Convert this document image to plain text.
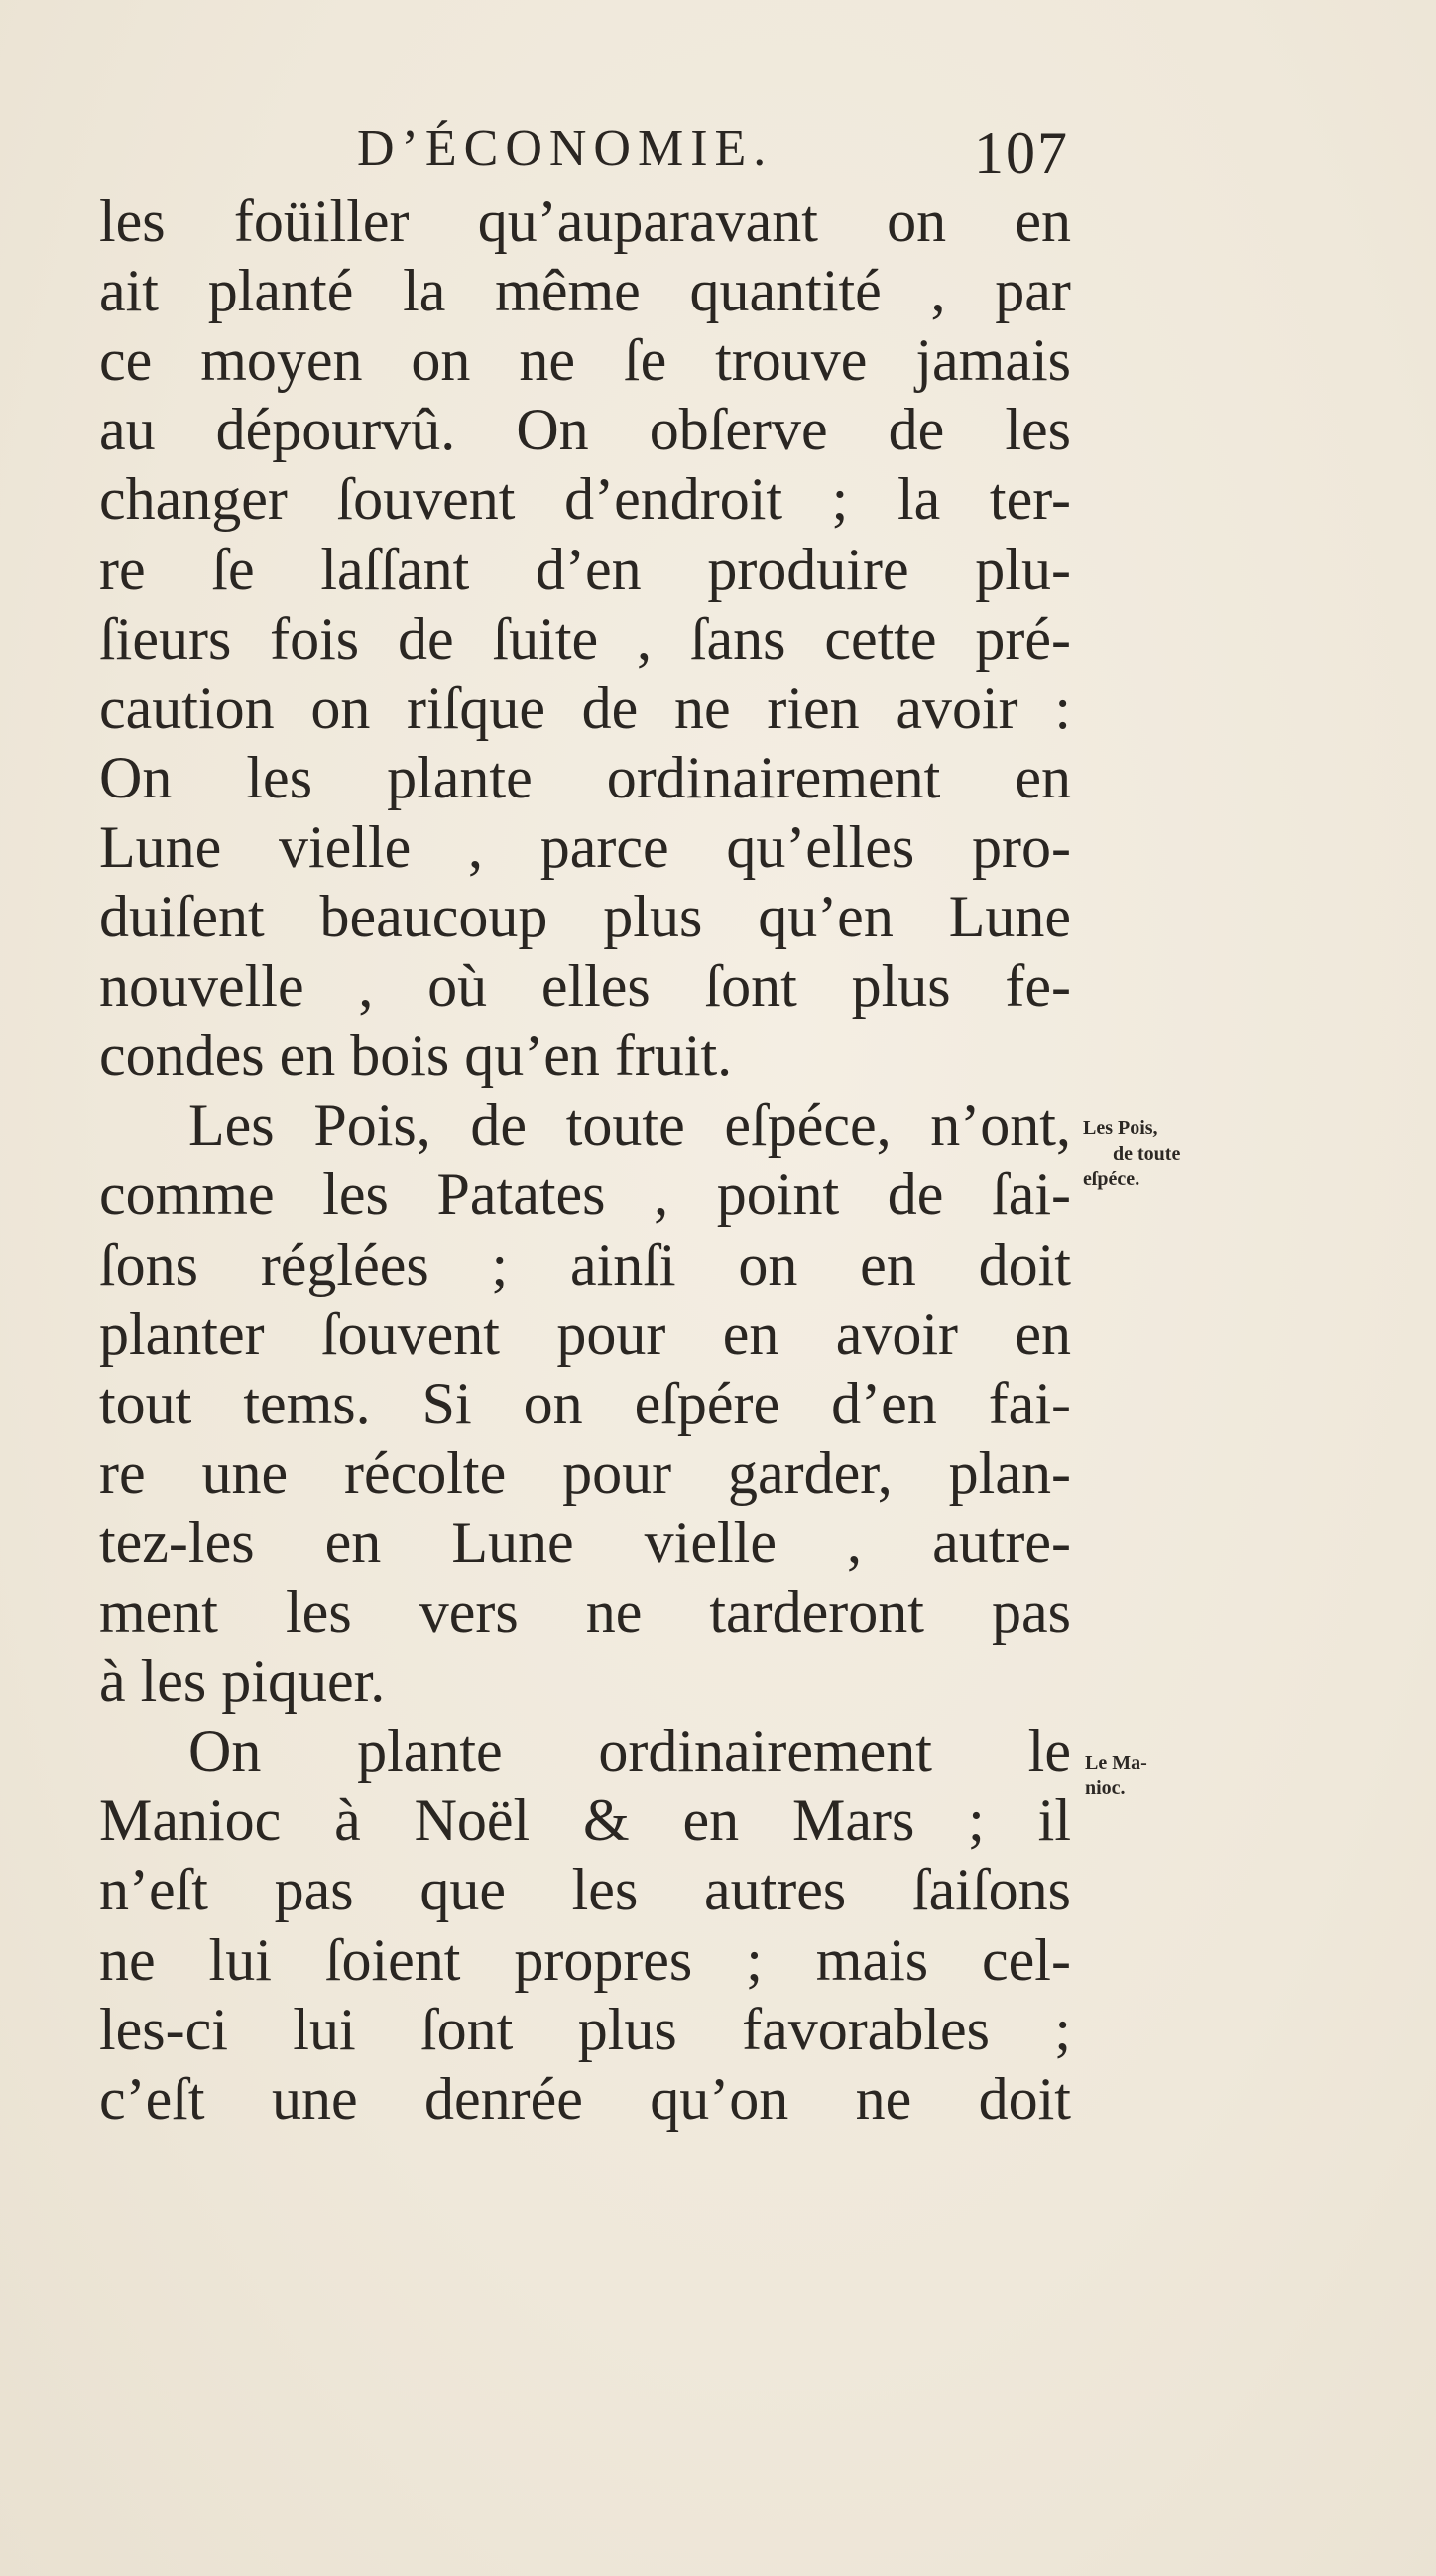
D’ÉCONOMIE.	107
les foüiller qu’auparavant on en
ait planté la même quantité , par
ce moyen on ne ſe trouve jamais
au dépourvû. On obſerve de les
changer ſouvent d’endroit ; la ter-
re ſe laſſant d’en produire plu-
ſieurs fois de ſuite , ſans cette pré-
caution on riſque de ne rien avoir :
On les plante ordinairement en
Lune vielle , parce qu’elles pro-
duiſent beaucoup plus qu’en Lune
nouvelle , où elles ſont plus fe-
condes en bois qu’en fruit.
Les Pois, de toute eſpéce, n’ont,
comme les Patates , point de ſai-
ſons réglées ; ainſi on en doit
planter ſouvent pour en avoir en
tout tems. Si on eſpére d’en fai-
re une récolte pour garder, plan-
tez-les en Lune vielle , autre-
ment les vers ne tarderont pas
à les piquer.
On plante ordinairement le
Manioc à Noël & en Mars ; il
n’eſt pas que les autres ſaiſons
ne lui ſoient propres ; mais cel-
les-ci lui ſont plus favorables ;
c’eſt une denrée qu’on ne doit
Les Pois,
de toute
eſpéce.
Le Ma-
nioc.
